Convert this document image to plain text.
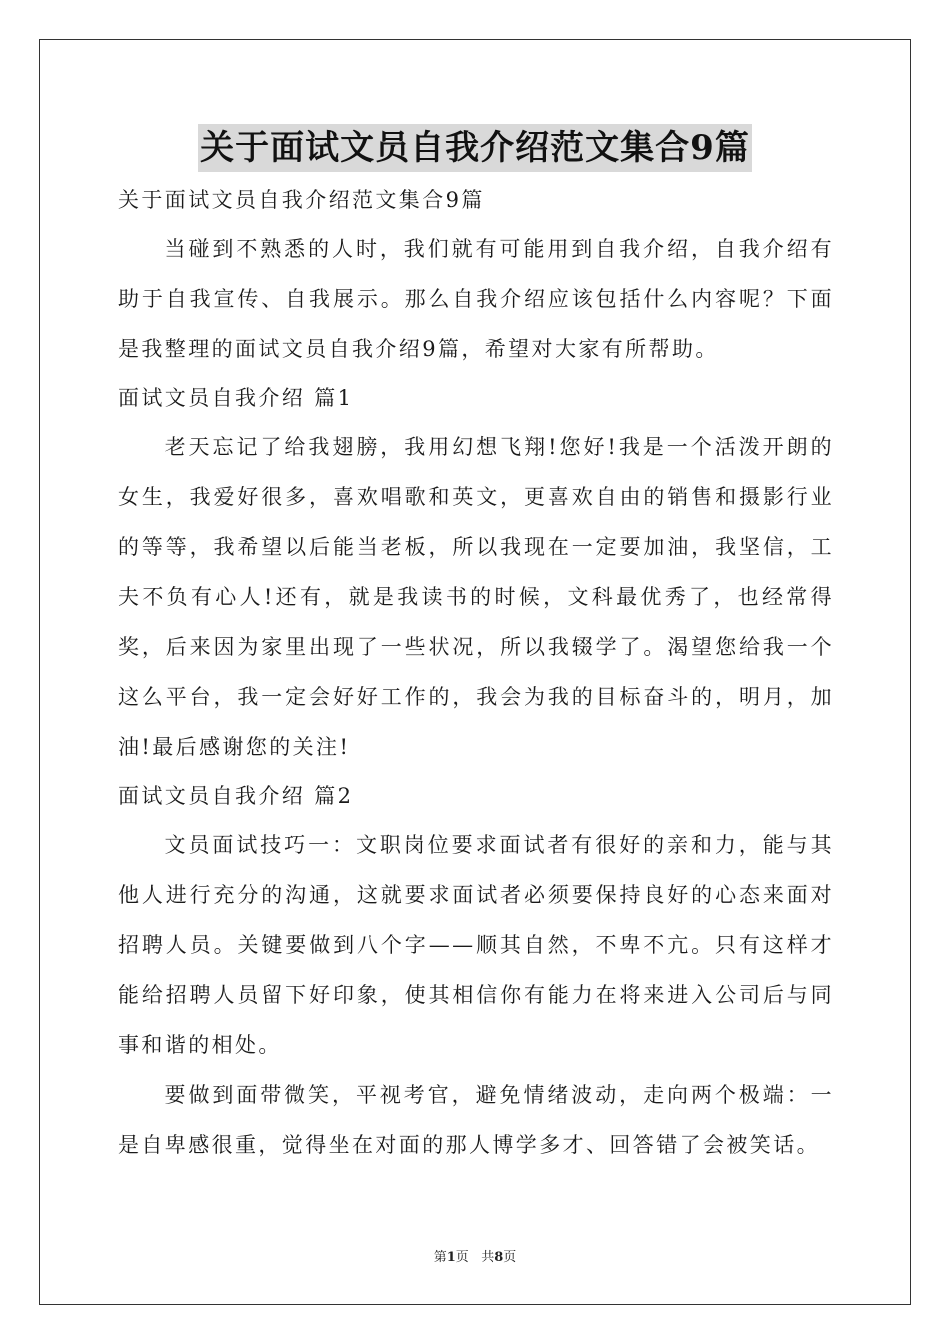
关于面试文员自我介绍范文集合9篇
关于面试文员自我介绍范文集合9篇
当碰到不熟悉的人时，我们就有可能用到自我介绍，自我介绍有助于自我宣传、自我展示。那么自我介绍应该包括什么内容呢？下面是我整理的面试文员自我介绍9篇，希望对大家有所帮助。
面试文员自我介绍 篇1
老天忘记了给我翅膀，我用幻想飞翔!您好!我是一个活泼开朗的女生，我爱好很多，喜欢唱歌和英文，更喜欢自由的销售和摄影行业的等等，我希望以后能当老板，所以我现在一定要加油，我坚信，工夫不负有心人!还有，就是我读书的时候，文科最优秀了，也经常得奖，后来因为家里出现了一些状况，所以我辍学了。渴望您给我一个这么平台，我一定会好好工作的，我会为我的目标奋斗的，明月，加油!最后感谢您的关注!
面试文员自我介绍 篇2
文员面试技巧一：文职岗位要求面试者有很好的亲和力，能与其他人进行充分的沟通，这就要求面试者必须要保持良好的心态来面对招聘人员。关键要做到八个字——顺其自然，不卑不亢。只有这样才能给招聘人员留下好印象，使其相信你有能力在将来进入公司后与同事和谐的相处。
要做到面带微笑，平视考官，避免情绪波动，走向两个极端：一是自卑感很重，觉得坐在对面的那人博学多才、回答错了会被笑话。
第1页 共8页
